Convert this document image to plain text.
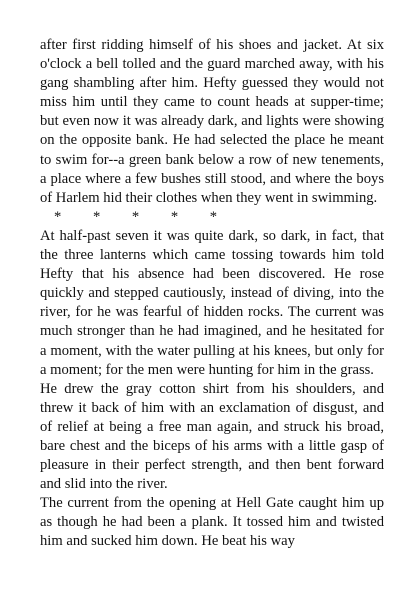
after first ridding himself of his shoes and jacket. At six o'clock a bell tolled and the guard marched away, with his gang shambling after him. Hefty guessed they would not miss him until they came to count heads at supper-time; but even now it was already dark, and lights were showing on the opposite bank. He had selected the place he meant to swim for--a green bank below a row of new tenements, a place where a few bushes still stood, and where the boys of Harlem hid their clothes when they went in swimming.

* * * * *

At half-past seven it was quite dark, so dark, in fact, that the three lanterns which came tossing towards him told Hefty that his absence had been discovered. He rose quickly and stepped cautiously, instead of diving, into the river, for he was fearful of hidden rocks. The current was much stronger than he had imagined, and he hesitated for a moment, with the water pulling at his knees, but only for a moment; for the men were hunting for him in the grass.

He drew the gray cotton shirt from his shoulders, and threw it back of him with an exclamation of disgust, and of relief at being a free man again, and struck his broad, bare chest and the biceps of his arms with a little gasp of pleasure in their perfect strength, and then bent forward and slid into the river.

The current from the opening at Hell Gate caught him up as though he had been a plank. It tossed him and twisted him and sucked him down. He beat his way
